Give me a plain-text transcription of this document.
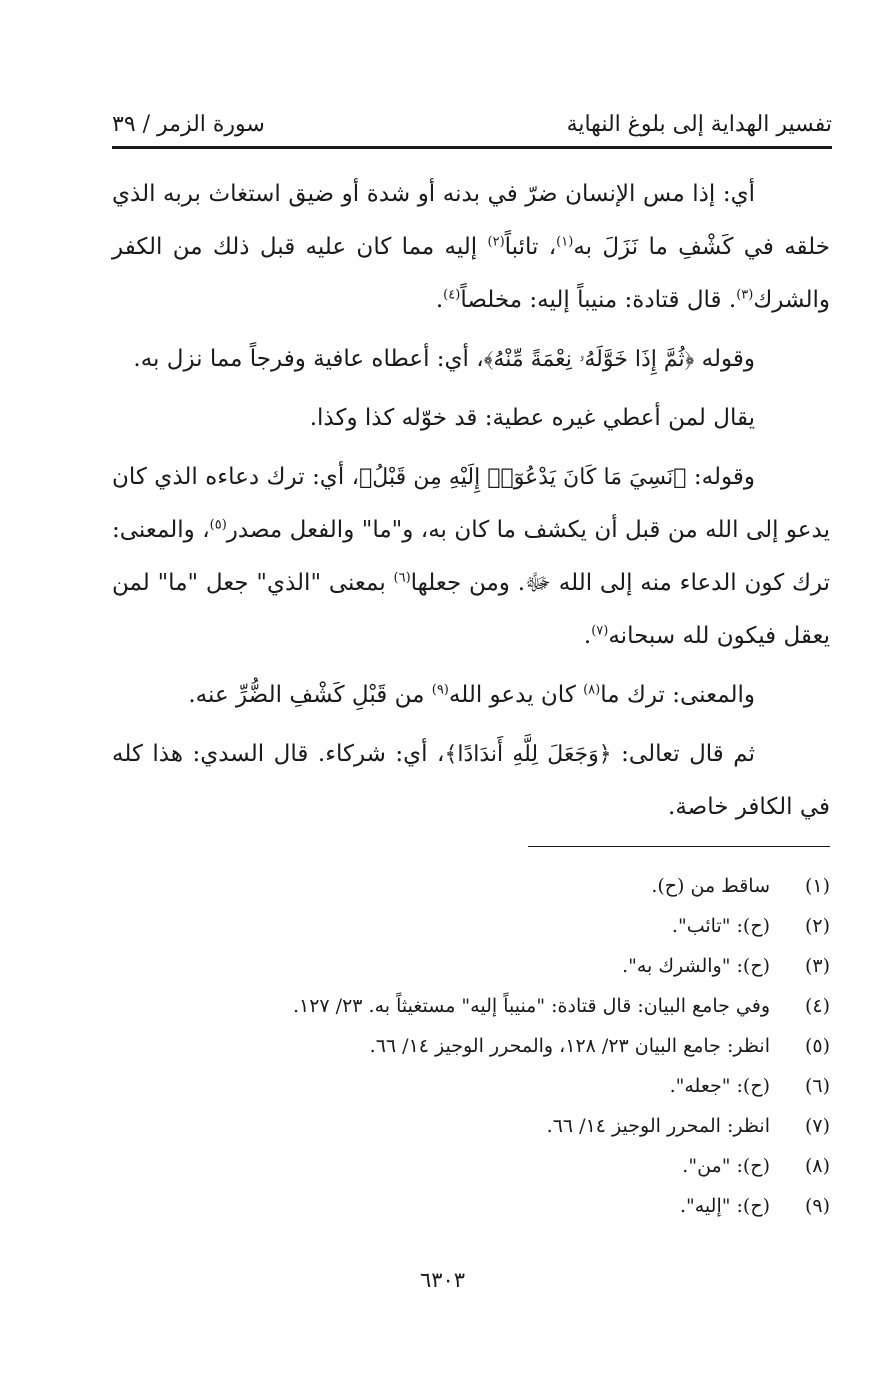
تفسير الهداية إلى بلوغ النهاية
سورة الزمر / ٣٩

أي: إذا مس الإنسان ضرّ في بدنه أو شدة أو ضيق استغاث بربه الذي خلقه في كَشْفِ ما نَزَلَ به$^{(١)}$، تائباً$^{(٢)}$ إليه مما كان عليه قبل ذلك من الكفر والشرك$^{(٣)}$. قال قتادة: منيباً إليه: مخلصاً$^{(٤)}$.

وقوله ﴿ثُمَّ إِذَا خَوَّلَهُۥ نِعْمَةً مِّنْهُ﴾، أي: أعطاه عافية وفرجاً مما نزل به.

يقال لمن أعطي غيره عطية: قد خوّله كذا وكذا.

وقوله: ﴿نَسِيَ مَا كَانَ يَدْعُوٓا۟ إِلَيْهِ مِن قَبْلُ﴾، أي: ترك دعاءه الذي كان يدعو إلى الله من قبل أن يكشف ما كان به، و"ما" والفعل مصدر$^{(٥)}$، والمعنى: ترك كون الدعاء منه إلى الله ﷻ. ومن جعلها$^{(٦)}$ بمعنى "الذي" جعل "ما" لمن يعقل فيكون لله سبحانه$^{(٧)}$.

والمعنى: ترك ما$^{(٨)}$ كان يدعو الله$^{(٩)}$ من قَبْلِ كَشْفِ الضُّرِّ عنه.

ثم قال تعالى: ﴿وَجَعَلَ لِلَّهِ أَندَادًا﴾، أي: شركاء. قال السدي: هذا كله في الكافر خاصة.

(١)
ساقط من (ح).
(٢)
(ح): "تائب".
(٣)
(ح): "والشرك به".
(٤)
وفي جامع البيان: قال قتادة: "منيباً إليه" مستغيثاً به. ٢٣/ ١٢٧.
(٥)
انظر: جامع البيان ٢٣/ ١٢٨، والمحرر الوجيز ١٤/ ٦٦.
(٦)
(ح): "جعله".
(٧)
انظر: المحرر الوجيز ١٤/ ٦٦.
(٨)
(ح): "من".
(٩)
(ح): "إليه".
٦٣٠٣
